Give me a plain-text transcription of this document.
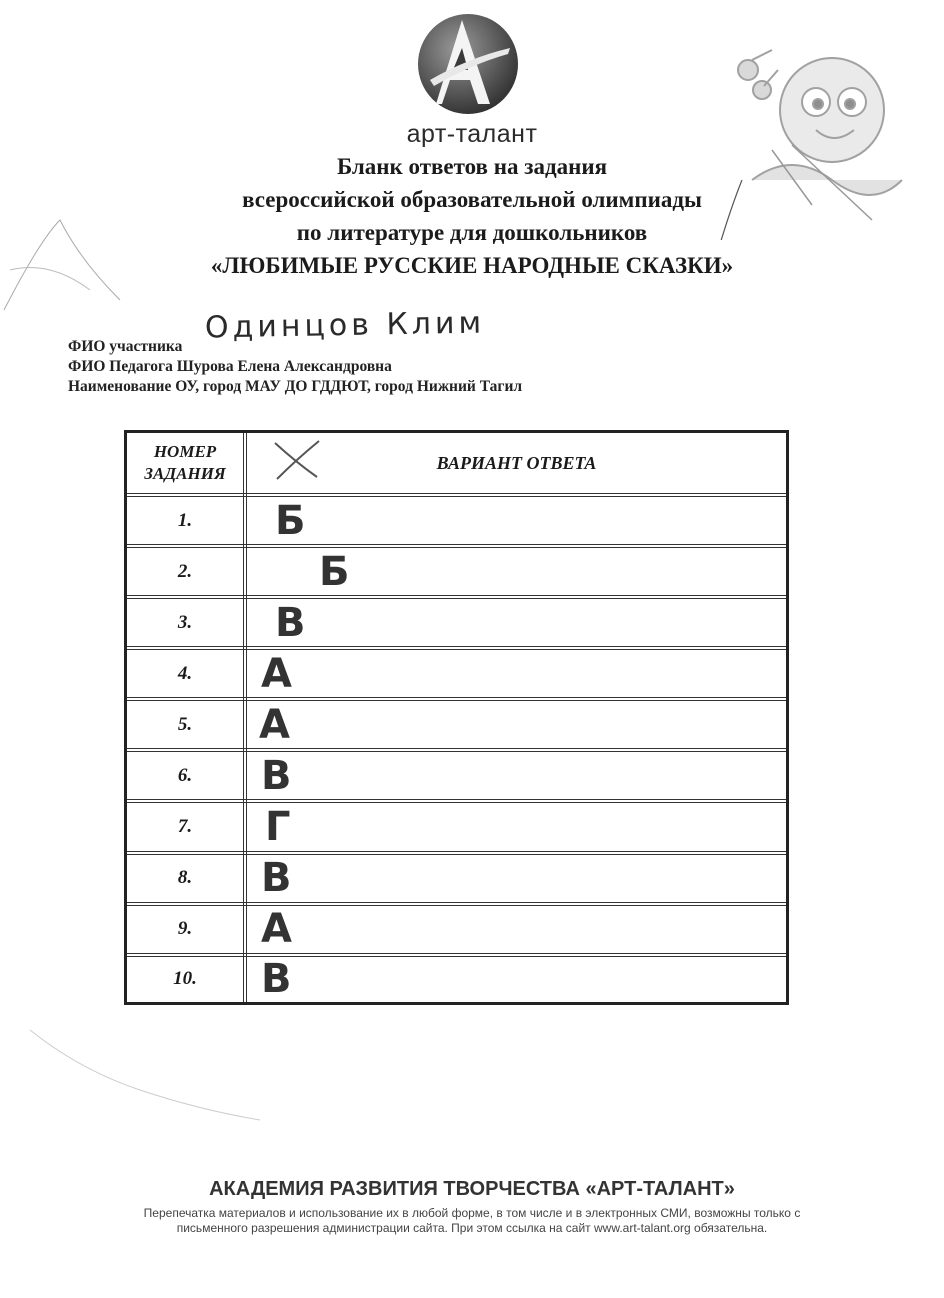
арт-талант
Бланк ответов на задания
всероссийской образовательной олимпиады
по литературе для дошкольников
«ЛЮБИМЫЕ РУССКИЕ НАРОДНЫЕ СКАЗКИ»
ФИО участника
Одинцов Клим
ФИО Педагога Шурова Елена Александровна
Наименование ОУ, город МАУ ДО ГДДЮТ, город Нижний Тагил
НОМЕР ЗАДАНИЯ	ВАРИАНТ ОТВЕТА
1.	Б

2.	Б

3.	В

4.	А

5.	А

6.	В

7.	Г

8.	В

9.	А

10.	В
АКАДЕМИЯ РАЗВИТИЯ ТВОРЧЕСТВА «АРТ-ТАЛАНТ»
Перепечатка материалов и использование их в любой форме, в том числе и в электронных СМИ, возможны только с
письменного разрешения администрации сайта. При этом ссылка на сайт www.art-talant.org обязательна.
